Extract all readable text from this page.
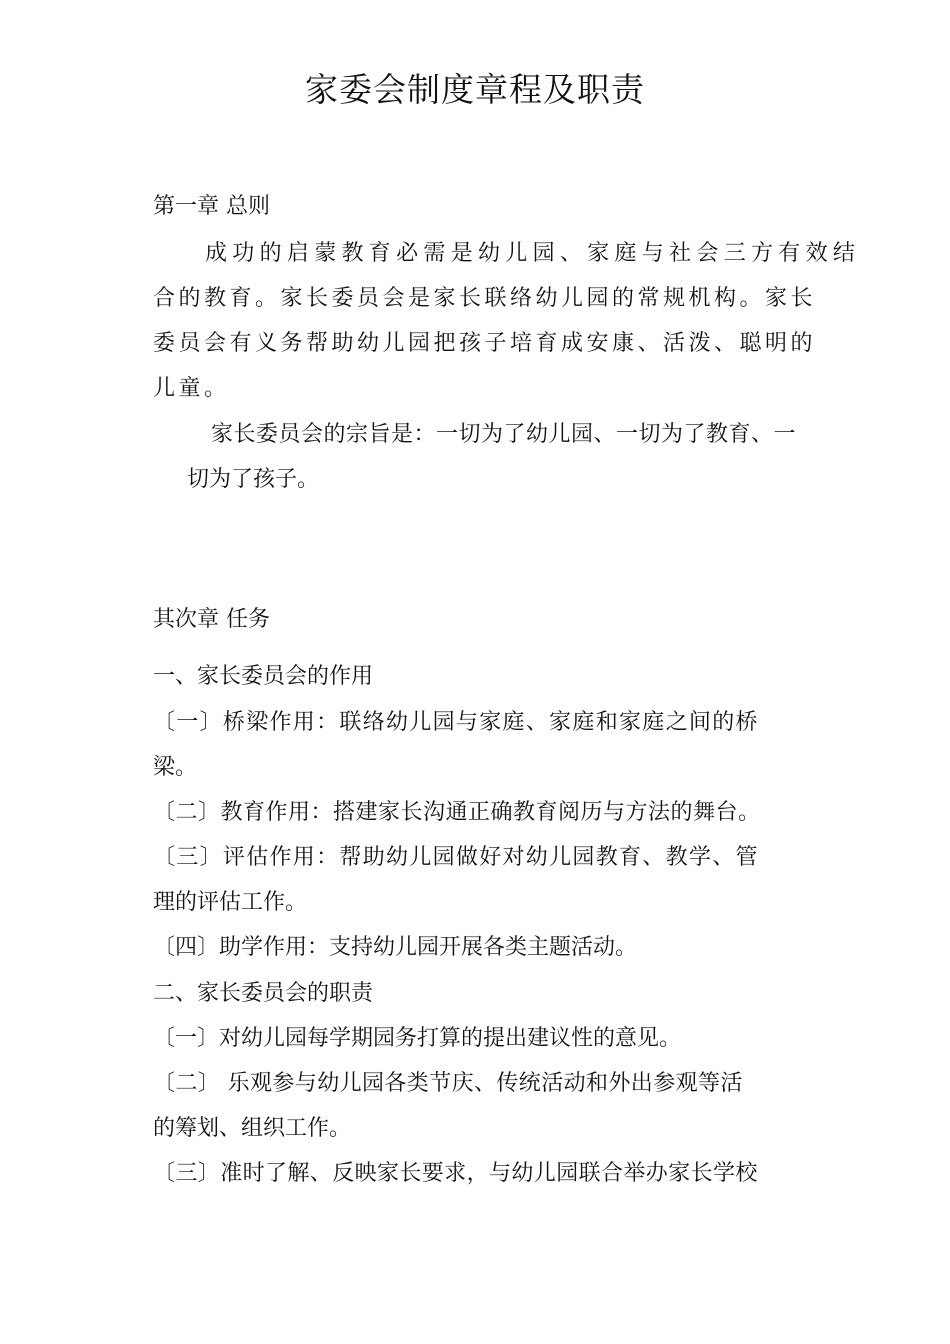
家委会制度章程及职责
第一章 总则
成功的启蒙教育必需是幼儿园、家庭与社会三方有效结
合的教育。家长委员会是家长联络幼儿园的常规机构。家长
委员会有义务帮助幼儿园把孩子培育成安康、活泼、聪明的
儿童。
家长委员会的宗旨是：一切为了幼儿园、一切为了教育、一
切为了孩子。
其次章 任务
一、家长委员会的作用
〔一〕桥梁作用：联络幼儿园与家庭、家庭和家庭之间的桥
梁。
〔二〕教育作用：搭建家长沟通正确教育阅历与方法的舞台。
〔三〕评估作用：帮助幼儿园做好对幼儿园教育、教学、管
理的评估工作。
〔四〕助学作用：支持幼儿园开展各类主题活动。
二、家长委员会的职责
〔一〕对幼儿园每学期园务打算的提出建议性的意见。
〔二〕 乐观参与幼儿园各类节庆、传统活动和外出参观等活
的筹划、组织工作。
〔三〕准时了解、反映家长要求，与幼儿园联合举办家长学校
